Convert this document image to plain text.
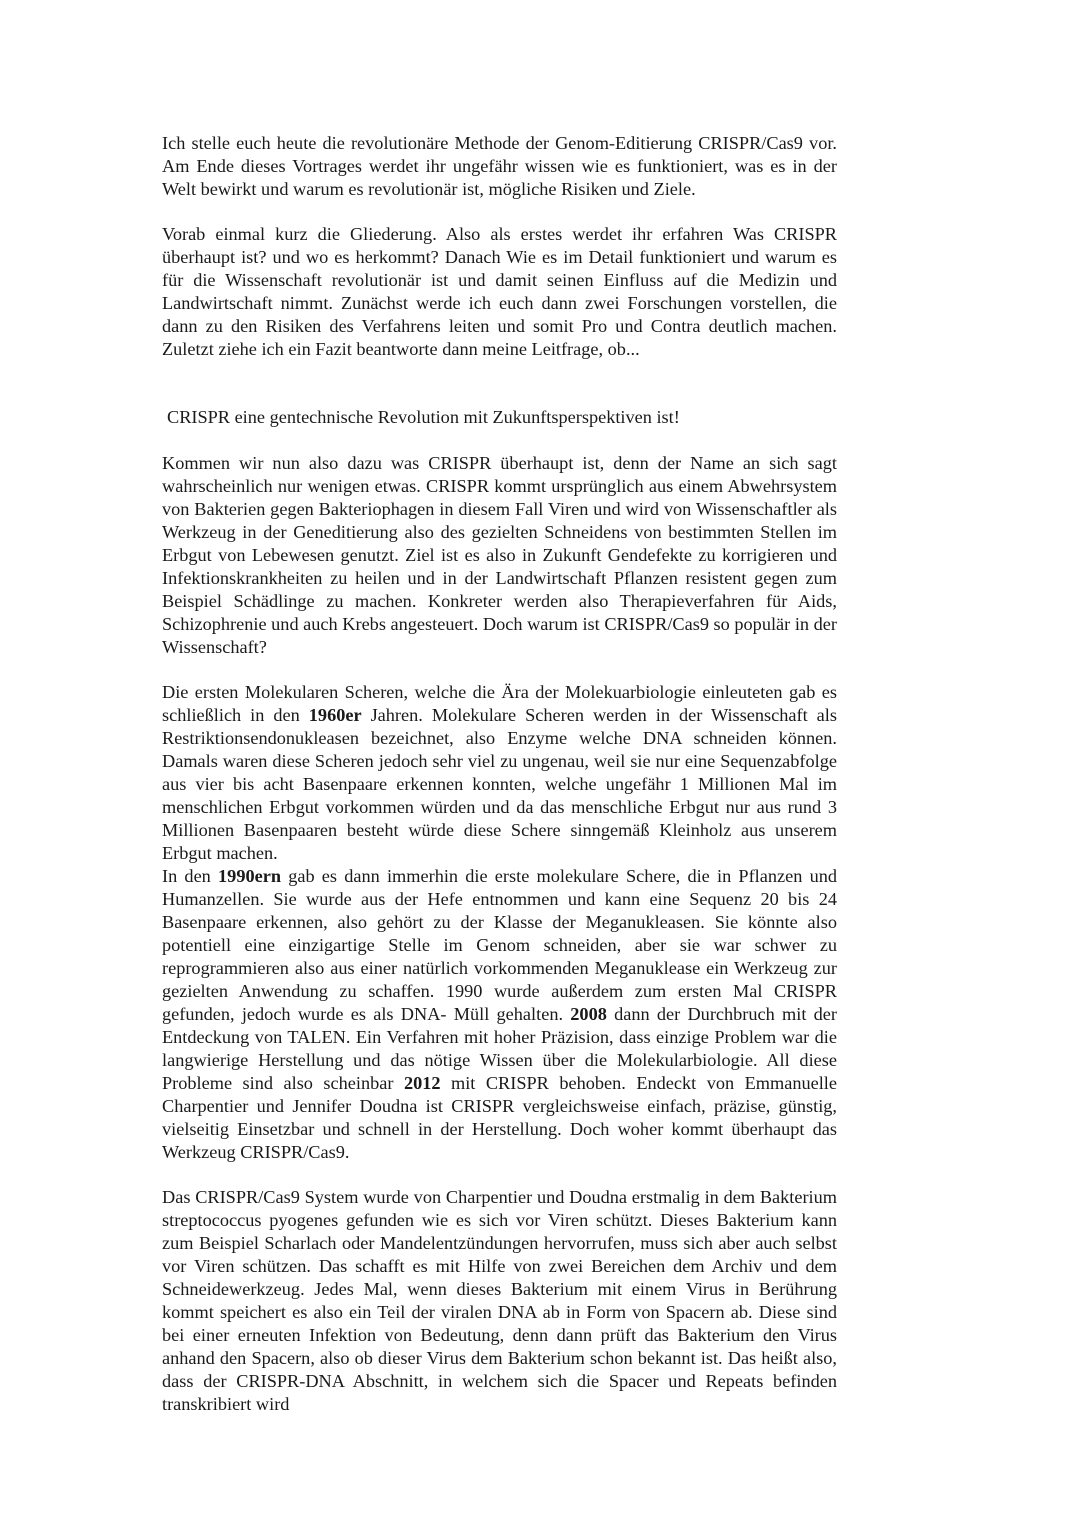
Ich stelle euch heute die revolutionäre Methode der Genom-Editierung CRISPR/Cas9 vor. Am Ende dieses Vortrages werdet ihr ungefähr wissen wie es funktioniert, was es in der Welt bewirkt und warum es revolutionär ist, mögliche Risiken und Ziele.

Vorab einmal kurz die Gliederung. Also als erstes werdet ihr erfahren Was CRISPR überhaupt ist? und wo es herkommt? Danach Wie es im Detail funktioniert und warum es für die Wissenschaft revolutionär ist und damit seinen Einfluss auf die Medizin und Landwirtschaft nimmt. Zunächst werde ich euch dann zwei Forschungen vorstellen, die dann zu den Risiken des Verfahrens leiten und somit Pro und Contra deutlich machen. Zuletzt ziehe ich ein Fazit beantworte dann meine Leitfrage, ob...

CRISPR eine gentechnische Revolution mit Zukunftsperspektiven ist!

Kommen wir nun also dazu was CRISPR überhaupt ist, denn der Name an sich sagt wahrscheinlich nur wenigen etwas. CRISPR kommt ursprünglich aus einem Abwehrsystem von Bakterien gegen Bakteriophagen in diesem Fall Viren und wird von Wissenschaftler als Werkzeug in der Geneditierung also des gezielten Schneidens von bestimmten Stellen im Erbgut von Lebewesen genutzt. Ziel ist es also in Zukunft Gendefekte zu korrigieren und Infektionskrankheiten zu heilen und in der Landwirtschaft Pflanzen resistent gegen zum Beispiel Schädlinge zu machen. Konkreter werden also Therapieverfahren für Aids, Schizophrenie und auch Krebs angesteuert. Doch warum ist CRISPR/Cas9 so populär in der Wissenschaft?

Die ersten Molekularen Scheren, welche die Ära der Molekuarbiologie einleuteten gab es schließlich in den 1960er Jahren. Molekulare Scheren werden in der Wissenschaft als Restriktionsendonukleasen bezeichnet, also Enzyme welche DNA schneiden können. Damals waren diese Scheren jedoch sehr viel zu ungenau, weil sie nur eine Sequenzabfolge aus vier bis acht Basenpaare erkennen konnten, welche ungefähr 1 Millionen Mal im menschlichen Erbgut vorkommen würden und da das menschliche Erbgut nur aus rund 3 Millionen Basenpaaren besteht würde diese Schere sinngemäß Kleinholz aus unserem Erbgut machen.

In den 1990ern gab es dann immerhin die erste molekulare Schere, die in Pflanzen und Humanzellen. Sie wurde aus der Hefe entnommen und kann eine Sequenz 20 bis 24 Basenpaare erkennen, also gehört zu der Klasse der Meganukleasen. Sie könnte also potentiell eine einzigartige Stelle im Genom schneiden, aber sie war schwer zu reprogrammieren also aus einer natürlich vorkommenden Meganuklease ein Werkzeug zur gezielten Anwendung zu schaffen. 1990 wurde außerdem zum ersten Mal CRISPR gefunden, jedoch wurde es als DNA- Müll gehalten. 2008 dann der Durchbruch mit der Entdeckung von TALEN. Ein Verfahren mit hoher Präzision, dass einzige Problem war die langwierige Herstellung und das nötige Wissen über die Molekularbiologie. All diese Probleme sind also scheinbar 2012 mit CRISPR behoben. Endeckt von Emmanuelle Charpentier und Jennifer Doudna ist CRISPR vergleichsweise einfach, präzise, günstig, vielseitig Einsetzbar und schnell in der Herstellung. Doch woher kommt überhaupt das Werkzeug CRISPR/Cas9.

Das CRISPR/Cas9 System wurde von Charpentier und Doudna erstmalig in dem Bakterium streptococcus pyogenes gefunden wie es sich vor Viren schützt. Dieses Bakterium kann zum Beispiel Scharlach oder Mandelentzündungen hervorrufen, muss sich aber auch selbst vor Viren schützen. Das schafft es mit Hilfe von zwei Bereichen dem Archiv und dem Schneidewerkzeug. Jedes Mal, wenn dieses Bakterium mit einem Virus in Berührung kommt speichert es also ein Teil der viralen DNA ab in Form von Spacern ab. Diese sind bei einer erneuten Infektion von Bedeutung, denn dann prüft das Bakterium den Virus anhand den Spacern, also ob dieser Virus dem Bakterium schon bekannt ist. Das heißt also, dass der CRISPR-DNA Abschnitt, in welchem sich die Spacer und Repeats befinden transkribiert wird
